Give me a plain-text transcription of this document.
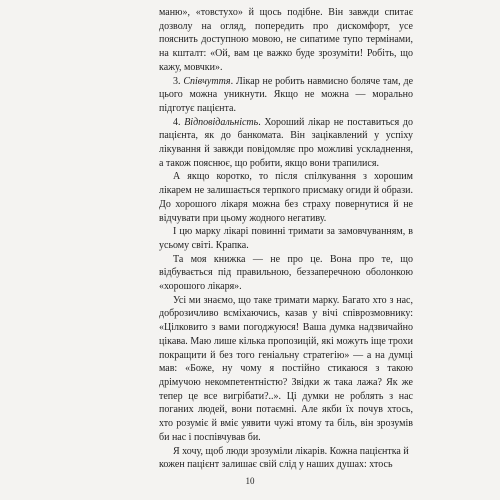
маню», «товстухо» й щось подібне. Він завжди спитає дозволу на огляд, попередить про дискомфорт, усе пояснить доступною мовою, не сипатиме тупо термінами, на кшталт: «Ой, вам це важко буде зрозуміти! Робіть, що кажу, мовчки».

3. Співчуття. Лікар не робить навмисно боляче там, де цього можна уникнути. Якщо не можна — морально підготує пацієнта.

4. Відповідальність. Хороший лікар не поставиться до пацієнта, як до банкомата. Він зацікавлений у успіху лікування й завжди повідомляє про можливі ускладнення, а також пояснює, що робити, якщо вони трапилися.

А якщо коротко, то після спілкування з хорошим лікарем не залишається терпкого присмаку огиди й образи. До хорошого лікаря можна без страху повернутися й не відчувати при цьому жодного негативу.

І цю марку лікарі повинні тримати за замовчуванням, в усьому світі. Крапка.

Та моя книжка — не про це. Вона про те, що відбувається під правильною, беззаперечною оболонкою «хорошого лікаря».

Усі ми знаємо, що таке тримати марку. Багато хто з нас, доброзичливо всміхаючись, казав у вічі співрозмовнику: «Цілковито з вами погоджуюся! Ваша думка надзвичайно цікава. Маю лише кілька пропозицій, які можуть іще трохи покращити й без того геніальну стратегію» — а на думці мав: «Боже, ну чому я постійно стикаюся з такою дрімучою некомпетентністю? Звідки ж така лажа? Як же тепер це все вигрібати?..». Ці думки не роблять з нас поганих людей, вони потаємні. Але якби їх почув хтось, хто розуміє й вміє уявити чужі втому та біль, він зрозумів би нас і поспівчував би.

Я хочу, щоб люди зрозуміли лікарів. Кожна пацієнтка й кожен пацієнт залишає свій слід у наших душах: хтось

10
